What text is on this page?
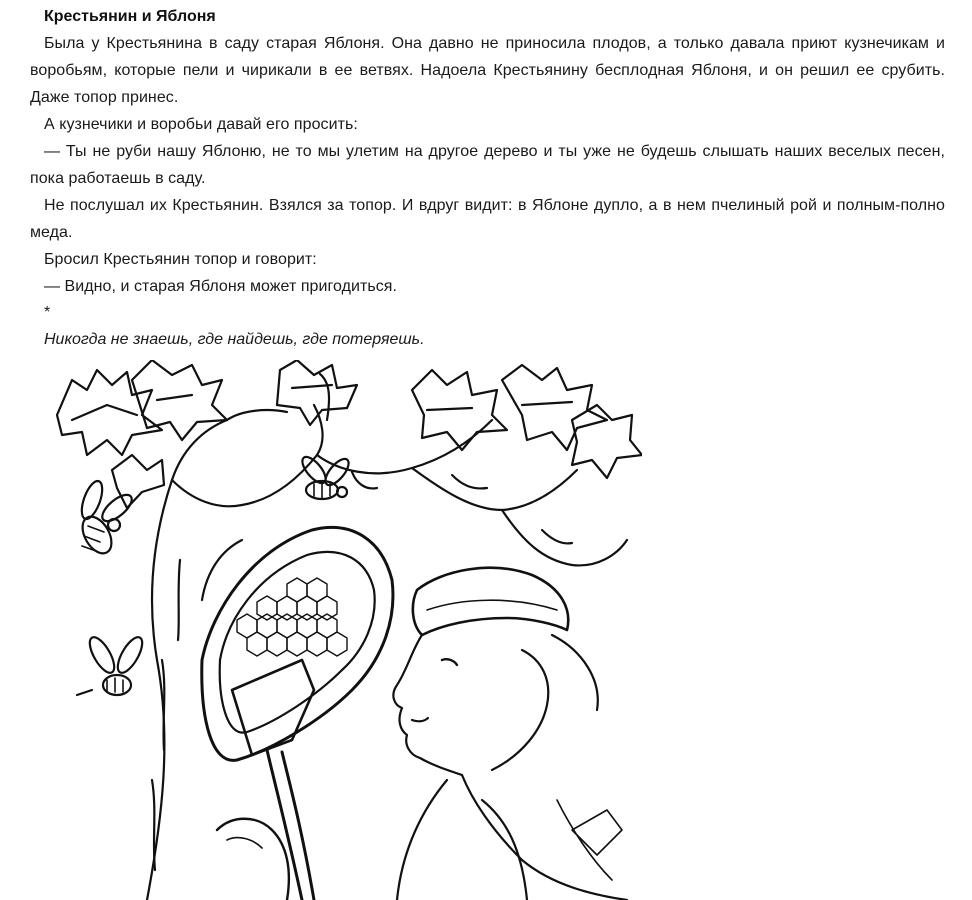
Крестьянин и Яблоня

Была у Крестьянина в саду старая Яблоня. Она давно не приносила плодов, а только давала приют кузнечикам и воробьям, которые пели и чирикали в ее ветвях. Надоела Крестьянину бесплодная Яблоня, и он решил ее срубить. Даже топор принес.

А кузнечики и воробьи давай его просить:

— Ты не руби нашу Яблоню, не то мы улетим на другое дерево и ты уже не будешь слышать наших веселых песен, пока работаешь в саду.

Не послушал их Крестьянин. Взялся за топор. И вдруг видит: в Яблоне дупло, а в нем пчелиный рой и полным-полно меда.

Бросил Крестьянин топор и говорит:

— Видно, и старая Яблоня может пригодиться.

*
Никогда не знаешь, где найдешь, где потеряешь.
